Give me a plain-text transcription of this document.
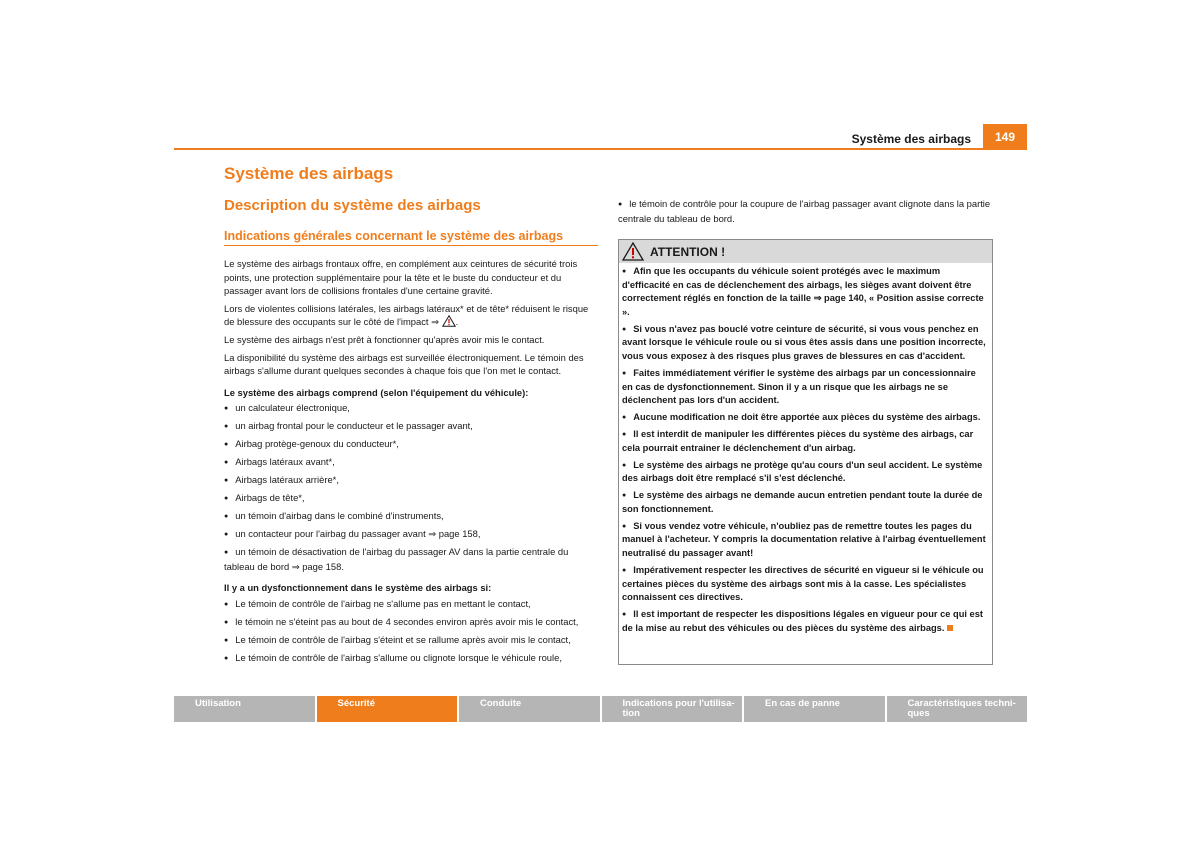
Système des airbags	149
Système des airbags
Description du système des airbags
Indications générales concernant le système des airbags

Le système des airbags frontaux offre, en complément aux ceintures de sécurité trois points, une protection supplémentaire pour la tête et le buste du conducteur et du passager avant lors de collisions frontales d'une certaine gravité.

Lors de violentes collisions latérales, les airbags latéraux* et de tête* réduisent le risque de blessure des occupants sur le côté de l'impact ⇒ .

Le système des airbags n'est prêt à fonctionner qu'après avoir mis le contact.

La disponibilité du système des airbags est surveillée électroniquement. Le témoin des airbags s'allume durant quelques secondes à chaque fois que l'on met le contact.

Le système des airbags comprend (selon l'équipement du véhicule):

● un calculateur électronique,
● un airbag frontal pour le conducteur et le passager avant,
● Airbag protège-genoux du conducteur*,
● Airbags latéraux avant*,
● Airbags latéraux arrière*,
● Airbags de tête*,
● un témoin d'airbag dans le combiné d'instruments,
● un contacteur pour l'airbag du passager avant ⇒ page 158,
● un témoin de désactivation de l'airbag du passager AV dans la partie centrale du tableau de bord ⇒ page 158.

Il y a un dysfonctionnement dans le système des airbags si:

● Le témoin de contrôle de l'airbag ne s'allume pas en mettant le contact,
● le témoin ne s'éteint pas au bout de 4 secondes environ après avoir mis le contact,
● Le témoin de contrôle de l'airbag s'éteint et se rallume après avoir mis le contact,
● Le témoin de contrôle de l'airbag s'allume ou clignote lorsque le véhicule roule,
● le témoin de contrôle pour la coupure de l'airbag passager avant clignote dans la partie centrale du tableau de bord.
ATTENTION !

● Afin que les occupants du véhicule soient protégés avec le maximum d'efficacité en cas de déclenchement des airbags, les sièges avant doivent être correctement réglés en fonction de la taille ⇒ page 140, « Position assise correcte ».

● Si vous n'avez pas bouclé votre ceinture de sécurité, si vous vous penchez en avant lorsque le véhicule roule ou si vous êtes assis dans une position incorrecte, vous vous exposez à des risques plus graves de blessures en cas d'accident.

● Faites immédiatement vérifier le système des airbags par un concessionnaire en cas de dysfonctionnement. Sinon il y a un risque que les airbags ne se déclenchent pas lors d'un accident.

● Aucune modification ne doit être apportée aux pièces du système des airbags.

● Il est interdit de manipuler les différentes pièces du système des airbags, car cela pourrait entrainer le déclenchement d'un airbag.

● Le système des airbags ne protège qu'au cours d'un seul accident. Le système des airbags doit être remplacé s'il s'est déclenché.

● Le système des airbags ne demande aucun entretien pendant toute la durée de son fonctionnement.

● Si vous vendez votre véhicule, n'oubliez pas de remettre toutes les pages du manuel à l'acheteur. Y compris la documentation relative à l'airbag éventuellement neutralisé du passager avant!

● Impérativement respecter les directives de sécurité en vigueur si le véhicule ou certaines pièces du système des airbags sont mis à la casse. Les spécialistes connaissent ces directives.

● Il est important de respecter les dispositions légales en vigueur pour ce qui est de la mise au rebut des véhicules ou des pièces du système des airbags.

Utilisation	Sécurité	Conduite	Indications pour l'utilisa-
tion
En cas de panne	Caractéristiques techni-
ques
